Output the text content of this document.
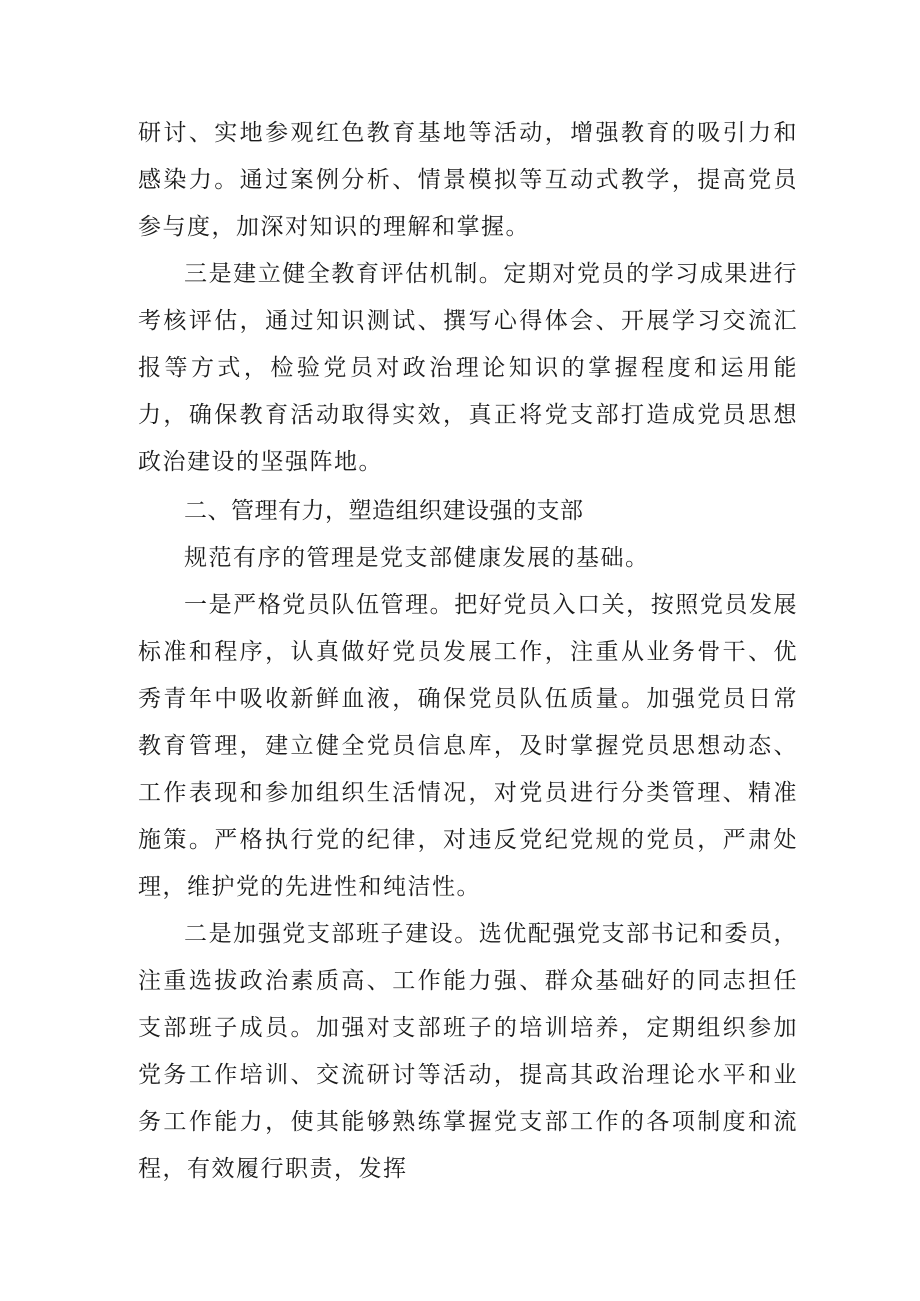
研讨、实地参观红色教育基地等活动，增强教育的吸引力和感染力。通过案例分析、情景模拟等互动式教学，提高党员参与度，加深对知识的理解和掌握。

三是建立健全教育评估机制。定期对党员的学习成果进行考核评估，通过知识测试、撰写心得体会、开展学习交流汇报等方式，检验党员对政治理论知识的掌握程度和运用能力，确保教育活动取得实效，真正将党支部打造成党员思想政治建设的坚强阵地。

二、管理有力，塑造组织建设强的支部

规范有序的管理是党支部健康发展的基础。

一是严格党员队伍管理。把好党员入口关，按照党员发展标准和程序，认真做好党员发展工作，注重从业务骨干、优秀青年中吸收新鲜血液，确保党员队伍质量。加强党员日常教育管理，建立健全党员信息库，及时掌握党员思想动态、工作表现和参加组织生活情况，对党员进行分类管理、精准施策。严格执行党的纪律，对违反党纪党规的党员，严肃处理，维护党的先进性和纯洁性。

二是加强党支部班子建设。选优配强党支部书记和委员，注重选拔政治素质高、工作能力强、群众基础好的同志担任支部班子成员。加强对支部班子的培训培养，定期组织参加党务工作培训、交流研讨等活动，提高其政治理论水平和业务工作能力，使其能够熟练掌握党支部工作的各项制度和流程，有效履行职责，发挥
